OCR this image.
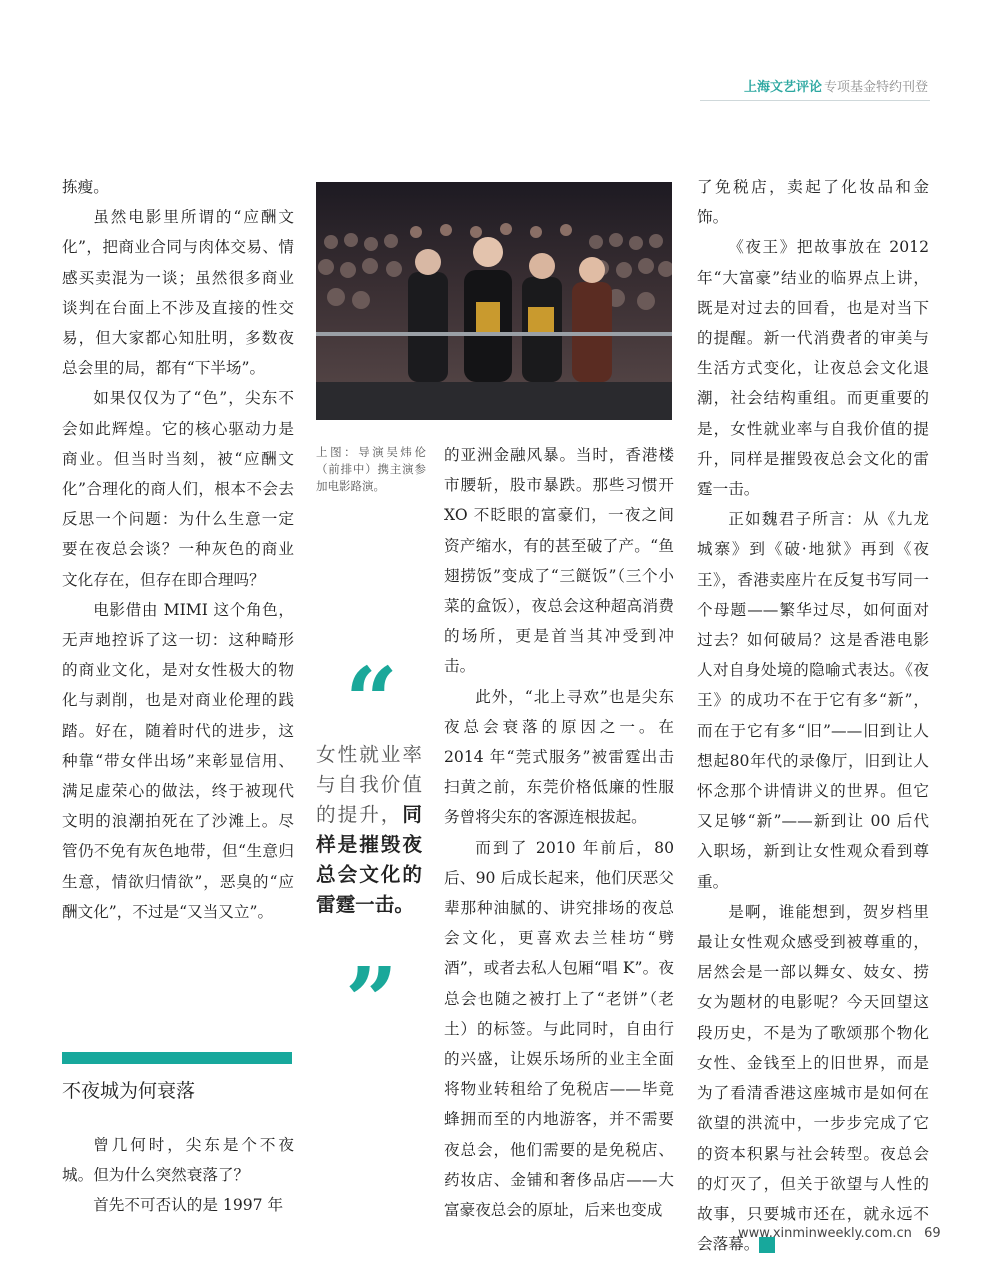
上海文艺评论 专项基金特约刊登

拣瘦。

虽然电影里所谓的“应酬文化”，把商业合同与肉体交易、情感买卖混为一谈；虽然很多商业谈判在台面上不涉及直接的性交易，但大家都心知肚明，多数夜总会里的局，都有“下半场”。

如果仅仅为了“色”，尖东不会如此辉煌。它的核心驱动力是商业。但当时当刻，被“应酬文化”合理化的商人们，根本不会去反思一个问题：为什么生意一定要在夜总会谈？一种灰色的商业文化存在，但存在即合理吗？

电影借由 MIMI 这个角色，无声地控诉了这一切：这种畸形的商业文化，是对女性极大的物化与剥削，也是对商业伦理的践踏。好在，随着时代的进步，这种靠“带女伴出场”来彰显信用、满足虚荣心的做法，终于被现代文明的浪潮拍死在了沙滩上。尽管仍不免有灰色地带，但“生意归生意，情欲归情欲”，恶臭的“应酬文化”，不过是“又当又立”。

不夜城为何衰落

曾几何时，尖东是个不夜城。但为什么突然衰落了？

首先不可否认的是 1997 年

上图：导演吴炜伦（前排中）携主演参加电影路演。
“
女性就业率与自我价值的提升，同样是摧毁夜总会文化的雷霆一击。
”

的亚洲金融风暴。当时，香港楼市腰斩，股市暴跌。那些习惯开 XO 不眨眼的富豪们，一夜之间资产缩水，有的甚至破了产。“鱼翅捞饭”变成了“三餸饭”（三个小菜的盒饭），夜总会这种超高消费的场所，更是首当其冲受到冲击。

此外，“北上寻欢”也是尖东夜总会衰落的原因之一。在 2014 年“莞式服务”被雷霆出击扫黄之前，东莞价格低廉的性服务曾将尖东的客源连根拔起。

而到了 2010 年前后，80 后、90 后成长起来，他们厌恶父辈那种油腻的、讲究排场的夜总会文化，更喜欢去兰桂坊“劈酒”，或者去私人包厢“唱 K”。夜总会也随之被打上了“老饼”（老土）的标签。与此同时，自由行的兴盛，让娱乐场所的业主全面将物业转租给了免税店——毕竟蜂拥而至的内地游客，并不需要夜总会，他们需要的是免税店、药妆店、金铺和奢侈品店——大富豪夜总会的原址，后来也变成

了免税店，卖起了化妆品和金饰。

《夜王》把故事放在 2012 年“大富豪”结业的临界点上讲，既是对过去的回看，也是对当下的提醒。新一代消费者的审美与生活方式变化，让夜总会文化退潮，社会结构重组。而更重要的是，女性就业率与自我价值的提升，同样是摧毁夜总会文化的雷霆一击。

正如魏君子所言：从《九龙城寨》到《破·地狱》再到《夜王》，香港卖座片在反复书写同一个母题——繁华过尽，如何面对过去？如何破局？这是香港电影人对自身处境的隐喻式表达。《夜王》的成功不在于它有多“新”，而在于它有多“旧”——旧到让人想起80年代的录像厅，旧到让人怀念那个讲情讲义的世界。但它又足够“新”——新到让 00 后代入职场，新到让女性观众看到尊重。

是啊，谁能想到，贺岁档里最让女性观众感受到被尊重的，居然会是一部以舞女、妓女、捞女为题材的电影呢？今天回望这段历史，不是为了歌颂那个物化女性、金钱至上的旧世界，而是为了看清香港这座城市是如何在欲望的洪流中，一步步完成了它的资本积累与社会转型。夜总会的灯灭了，但关于欲望与人性的故事，只要城市还在，就永远不会落幕。	民

www.xinminweekly.com.cn 69
